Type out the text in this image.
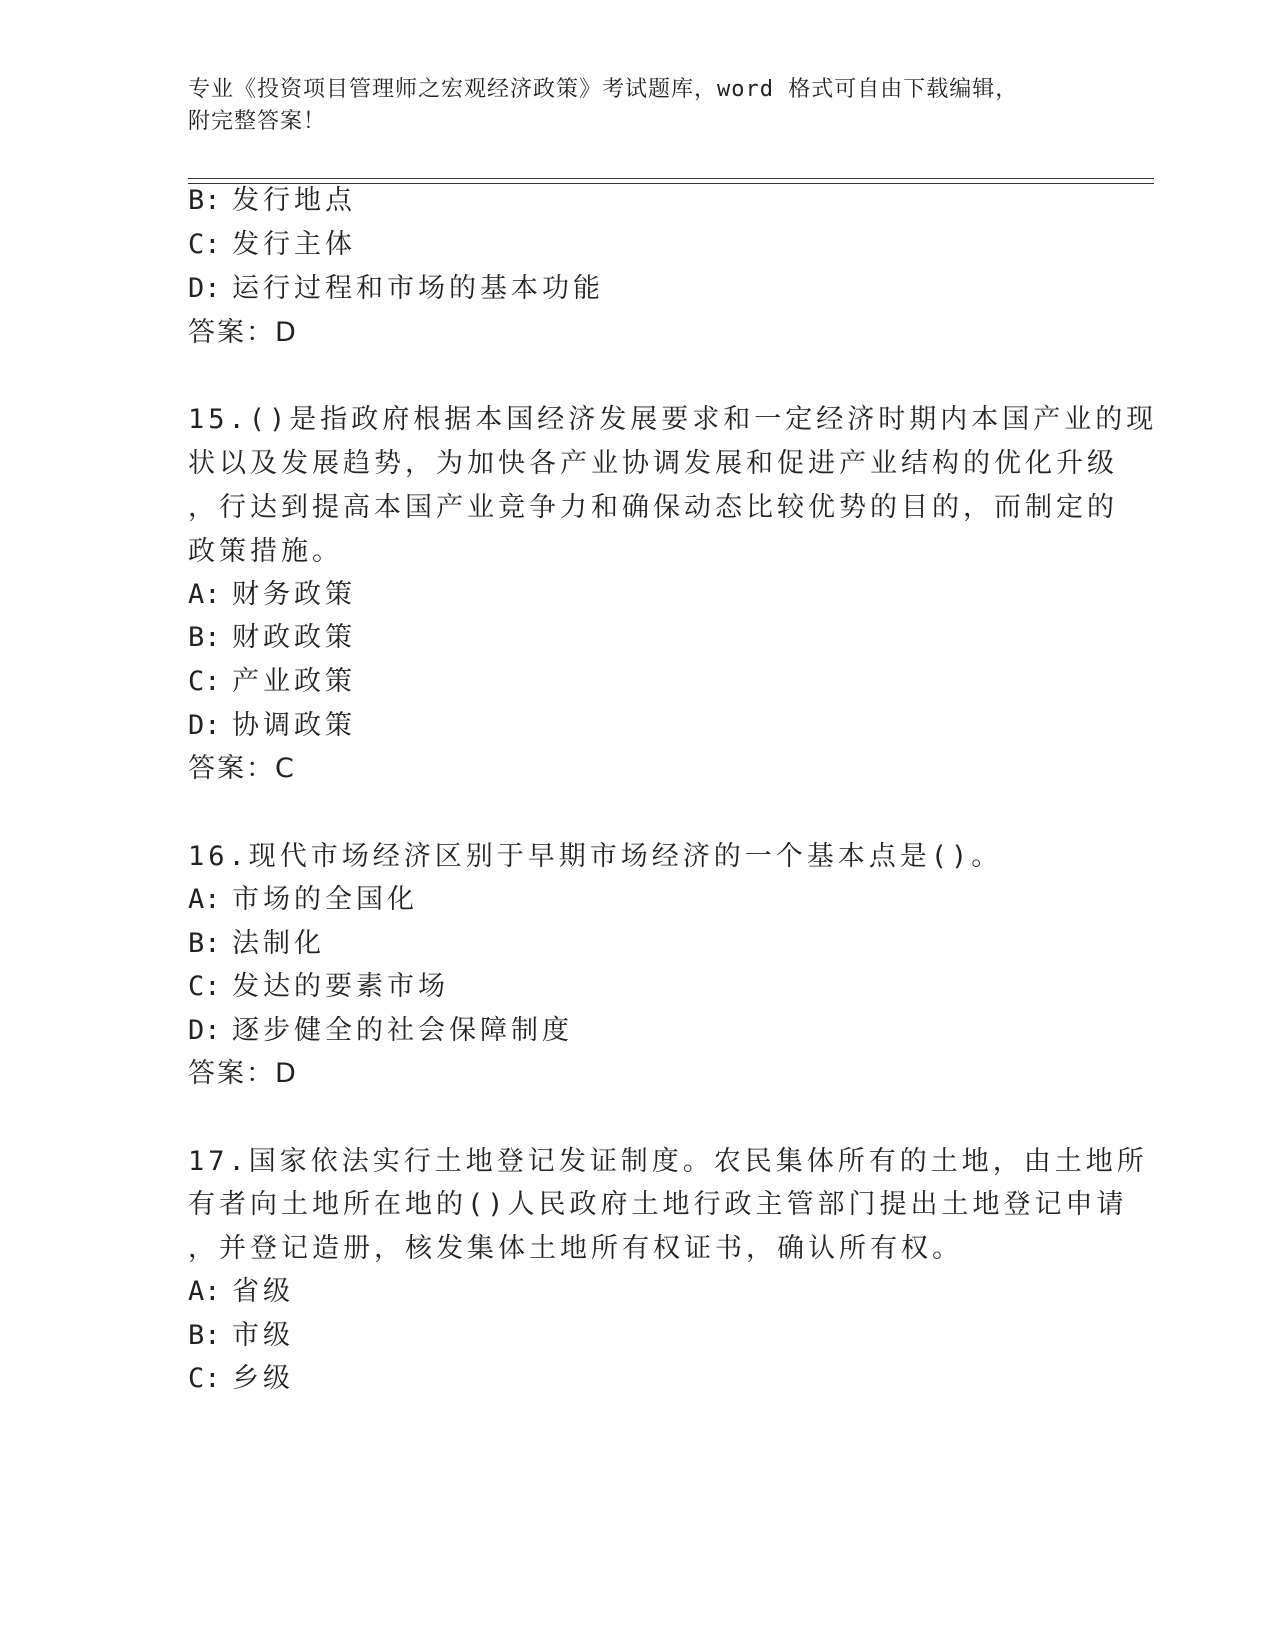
专业《投资项目管理师之宏观经济政策》考试题库，word 格式可自由下载编辑，
附完整答案！
B: 发行地点
C: 发行主体
D: 运行过程和市场的基本功能
答案：D
15.()是指政府根据本国经济发展要求和一定经济时期内本国产业的现
状以及发展趋势，为加快各产业协调发展和促进产业结构的优化升级
，行达到提高本国产业竞争力和确保动态比较优势的目的，而制定的
政策措施。
A: 财务政策
B: 财政政策
C: 产业政策
D: 协调政策
答案：C
16.现代市场经济区别于早期市场经济的一个基本点是()。
A: 市场的全国化
B: 法制化
C: 发达的要素市场
D: 逐步健全的社会保障制度
答案：D
17.国家依法实行土地登记发证制度。农民集体所有的土地，由土地所
有者向土地所在地的()人民政府土地行政主管部门提出土地登记申请
，并登记造册，核发集体土地所有权证书，确认所有权。
A: 省级
B: 市级
C: 乡级
